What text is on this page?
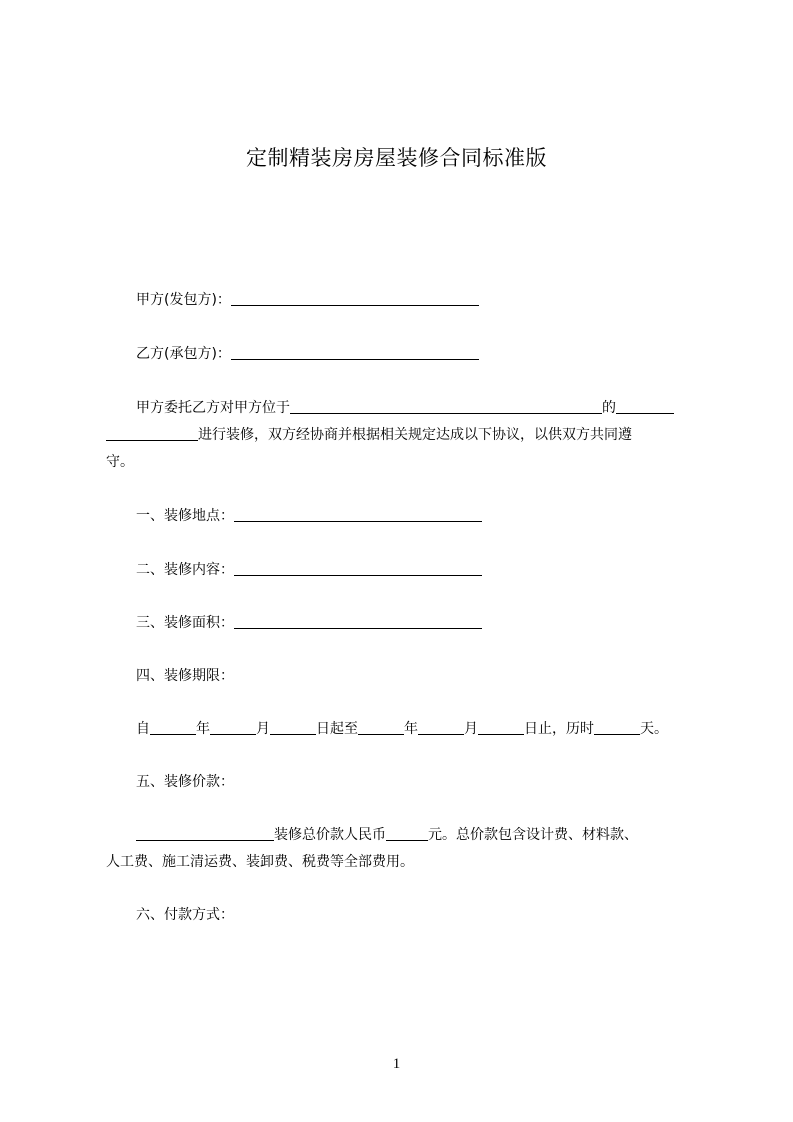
定制精装房房屋装修合同标准版
甲方(发包方)：
乙方(承包方)：
甲方委托乙方对甲方位于	的
进行装修，双方经协商并根据相关规定达成以下协议，以供双方共同遵
守。
一、装修地点：
二、装修内容：
三、装修面积：
四、装修期限：
自	年	月	日起至	年	月	日止，历时	天。
五、装修价款：
装修总价款人民币	元。总价款包含设计费、材料款、
人工费、施工清运费、装卸费、税费等全部费用。
六、付款方式：
1
